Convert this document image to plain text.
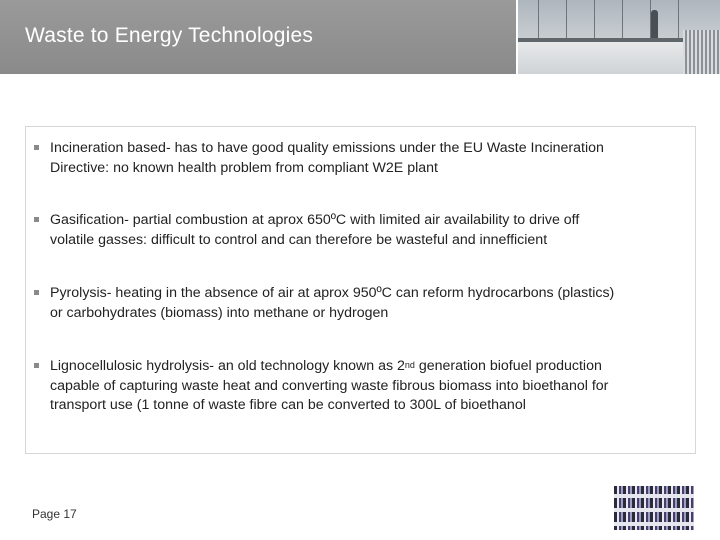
Waste to Energy Technologies
Incineration based- has to have good quality emissions under the EU Waste Incineration
Directive: no known health problem from compliant W2E plant
Gasification- partial combustion at aprox 650ºC with limited air availability to drive off
volatile gasses: difficult to control and can therefore be wasteful and innefficient
Pyrolysis- heating in the absence of air at aprox 950ºC can reform hydrocarbons (plastics)
or carbohydrates (biomass) into methane or hydrogen
Lignocellulosic hydrolysis- an old technology known as 2nd generation biofuel production
capable of capturing waste heat and converting waste fibrous biomass into bioethanol for
transport use (1 tonne of waste fibre can be converted to 300L of bioethanol
Page 17
